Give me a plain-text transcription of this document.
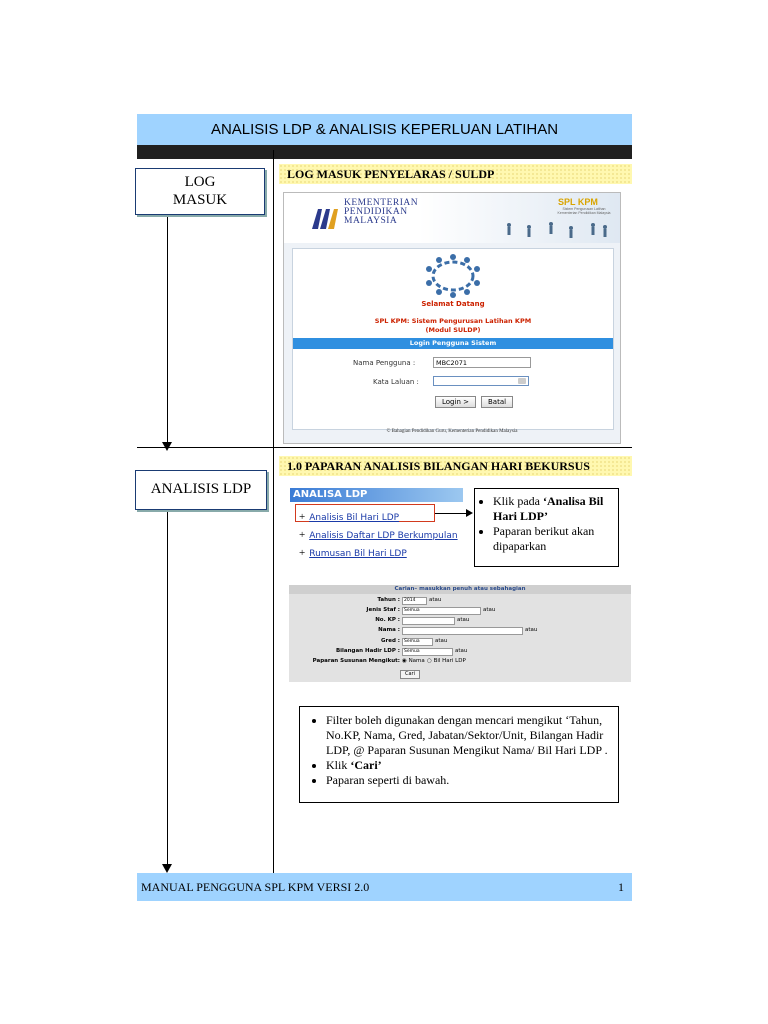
ANALISIS LDP & ANALISIS KEPERLUAN LATIHAN
LOG
MASUK
ANALISIS LDP
LOG MASUK PENYELARAS / SULDP
KEMENTERIAN
PENDIDIKAN
MALAYSIA
SPL KPM
Sistem Pengurusan Latihan
Kementerian Pendidikan Malaysia
Selamat Datang
SPL KPM: Sistem Pengurusan Latihan KPM
(Modul SULDP)
Login Pengguna Sistem
Nama Pengguna :
MBC2071
Kata Laluan :
Login >	Batal
© Bahagian Pendidikan Guru, Kementerian Pendidikan Malaysia
1.0 PAPARAN ANALISIS BILANGAN HARI BEKURSUS
ANALISA LDP
+ Analisis Bil Hari LDP
+ Analisis Daftar LDP Berkumpulan
+ Rumusan Bil Hari LDP
• Klik pada ‘Analisa Bil Hari LDP’
• Paparan berikut akan dipaparkan
Carian– masukkan penuh atau sebahagian
Tahun : 2014	atau
Jenis Staf : Semua	atau
No. KP :	atau
Nama :	atau
Gred : Semua	atau
Bilangan Hadir LDP : Semua	atau
Paparan Susunan Mengikut: ◉ Nama ○ Bil Hari LDP
Cari
• Filter boleh digunakan dengan mencari mengikut ‘Tahun, No.KP, Nama, Gred, Jabatan/Sektor/Unit, Bilangan Hadir LDP, @ Paparan Susunan Mengikut Nama/ Bil Hari LDP .
• Klik ‘Cari’
• Paparan seperti di bawah.
MANUAL PENGGUNA SPL KPM VERSI 2.0	1
